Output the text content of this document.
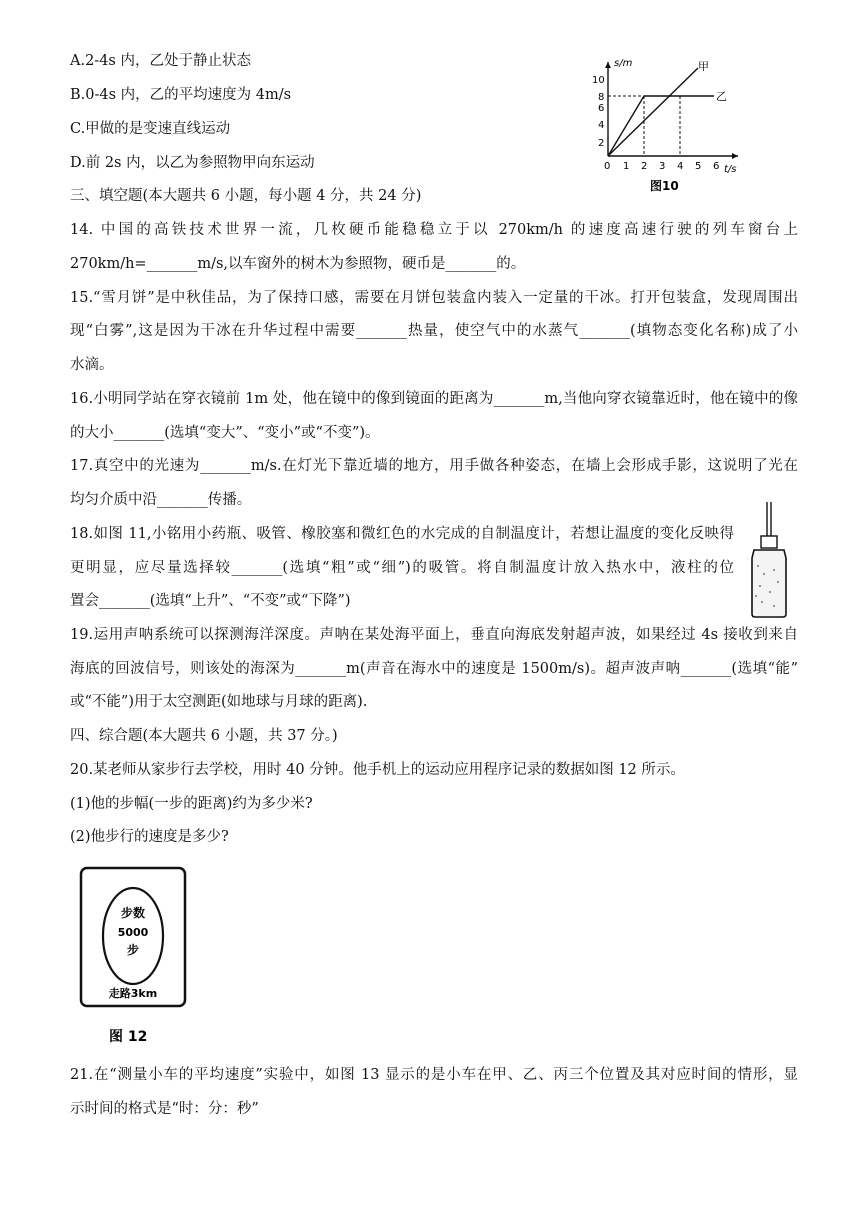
A.2-4s 内，乙处于静止状态
B.0-4s 内，乙的平均速度为 4m/s
C.甲做的是变速直线运动
D.前 2s 内，以乙为参照物甲向东运动
三、填空题(本大题共 6 小题，每小题 4 分，共 24 分)
14. 中国的高铁技术世界一流，几枚硬币能稳稳立于以 270km/h 的速度高速行驶的列车窗台上
270km/h=_______m/s,以车窗外的树木为参照物，硬币是_______的。
15.“雪月饼”是中秋佳品，为了保持口感，需要在月饼包装盒内装入一定量的干冰。打开包装盒，发现周围出
现“白雾”,这是因为干冰在升华过程中需要_______热量，使空气中的水蒸气_______(填物态变化名称)成了小
水滴。
16.小明同学站在穿衣镜前 1m 处，他在镜中的像到镜面的距离为_______m,当他向穿衣镜靠近时，他在镜中的像
的大小_______(选填“变大”、“变小”或“不变”)。
17.真空中的光速为_______m/s.在灯光下靠近墙的地方，用手做各种姿态，在墙上会形成手影，这说明了光在
均匀介质中沿_______传播。
18.如图 11,小铭用小药瓶、吸管、橡胶塞和微红色的水完成的自制温度计，若想让温度的变化反映得
更明显，应尽量选择较_______(选填“粗”或“细”)的吸管。将自制温度计放入热水中，液柱的位
置会_______(选填“上升”、“不变”或“下降”)
19.运用声呐系统可以探测海洋深度。声呐在某处海平面上，垂直向海底发射超声波，如果经过 4s 接收到来自
海底的回波信号，则该处的海深为_______m(声音在海水中的速度是 1500m/s)。超声波声呐_______(选填“能”
或“不能”)用于太空测距(如地球与月球的距离).
四、综合题(本大题共 6 小题，共 37 分。)
20.某老师从家步行去学校，用时 40 分钟。他手机上的运动应用程序记录的数据如图 12 所示。
(1)他的步幅(一步的距离)约为多少米?
(2)他步行的速度是多少?
21.在“测量小车的平均速度”实验中，如图 13 显示的是小车在甲、乙、丙三个位置及其对应时间的情形，显
示时间的格式是“时：分：秒”
s/m
t/s
2
4
6
8
10
0 1 2 3 4 5 6
乙
甲
图10
步数
5000
步
走路3km
图 12
